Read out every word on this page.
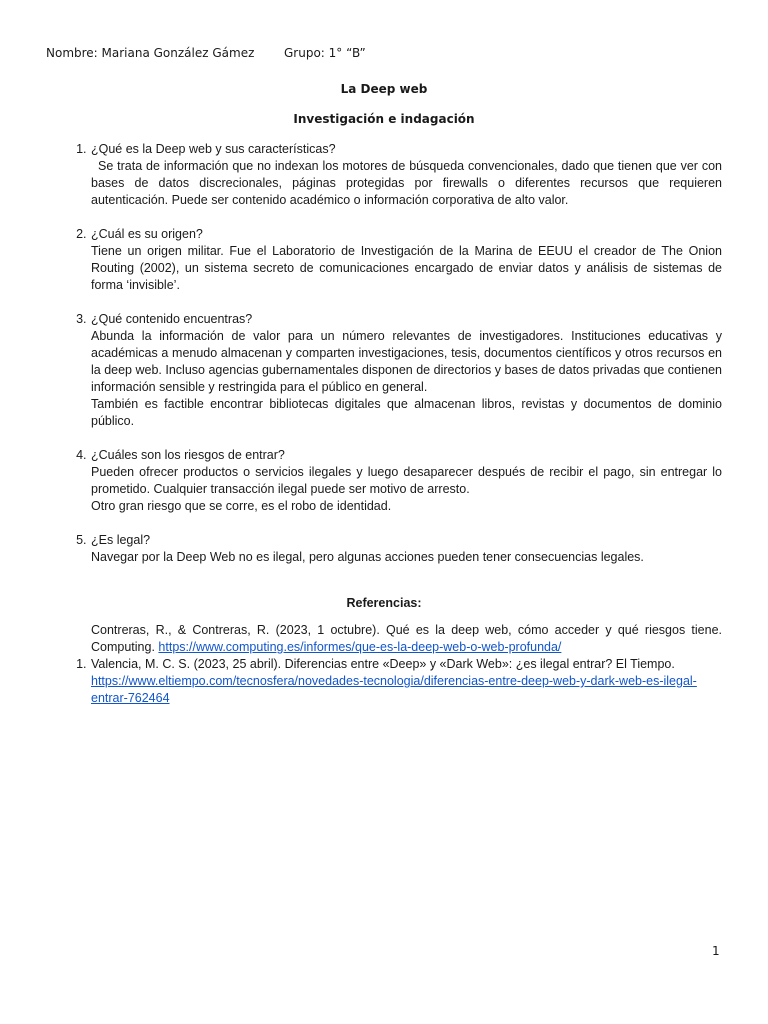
Nombre: Mariana González Gámez Grupo: 1° “B”
La Deep web
Investigación e indagación
1. ¿Qué es la Deep web y sus características?
Se trata de información que no indexan los motores de búsqueda convencionales, dado que tienen que ver con bases de datos discrecionales, páginas protegidas por firewalls o diferentes recursos que requieren autenticación. Puede ser contenido académico o información corporativa de alto valor.
2. ¿Cuál es su origen?
Tiene un origen militar. Fue el Laboratorio de Investigación de la Marina de EEUU el creador de The Onion Routing (2002), un sistema secreto de comunicaciones encargado de enviar datos y análisis de sistemas de forma ‘invisible’.
3. ¿Qué contenido encuentras?
Abunda la información de valor para un número relevantes de investigadores. Instituciones educativas y académicas a menudo almacenan y comparten investigaciones, tesis, documentos científicos y otros recursos en la deep web. Incluso agencias gubernamentales disponen de directorios y bases de datos privadas que contienen información sensible y restringida para el público en general.
También es factible encontrar bibliotecas digitales que almacenan libros, revistas y documentos de dominio público.
4. ¿Cuáles son los riesgos de entrar?
Pueden ofrecer productos o servicios ilegales y luego desaparecer después de recibir el pago, sin entregar lo prometido. Cualquier transacción ilegal puede ser motivo de arresto.
Otro gran riesgo que se corre, es el robo de identidad.
5. ¿Es legal?
Navegar por la Deep Web no es ilegal, pero algunas acciones pueden tener consecuencias legales.
Referencias:
Contreras, R., & Contreras, R. (2023, 1 octubre). Qué es la deep web, cómo acceder y qué riesgos tiene. Computing. https://www.computing.es/informes/que-es-la-deep-web-o-web-profunda/
2. Valencia, M. C. S. (2023, 25 abril). Diferencias entre «Deep» y «Dark Web»: ¿es ilegal entrar? El Tiempo.
https://www.eltiempo.com/tecnosfera/novedades-tecnologia/diferencias-entre-deep-web-y-dark-web-es-ilegal-entrar-762464
1
